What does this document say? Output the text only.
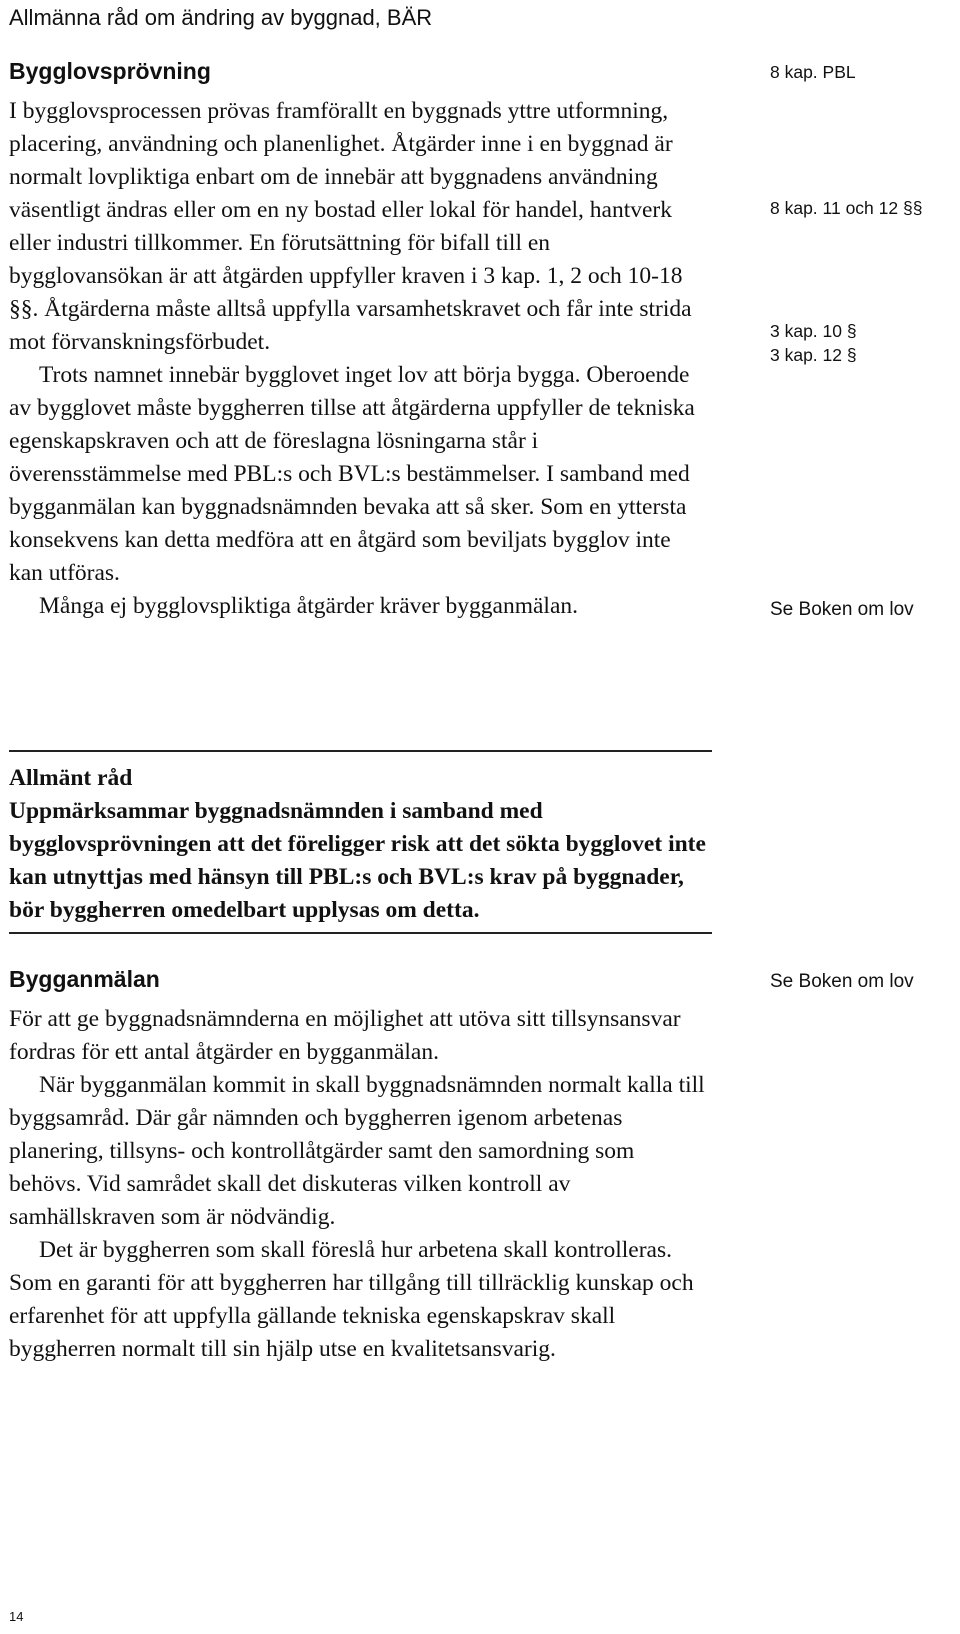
Allmänna råd om ändring av byggnad, BÄR
Bygglovsprövning

I bygglovsprocessen prövas framförallt en byggnads yttre utformning, placering, användning och planenlighet. Åtgärder inne i en byggnad är normalt lovpliktiga enbart om de innebär att byggnadens användning väsentligt ändras eller om en ny bostad eller lokal för handel, hantverk eller industri tillkommer. En förutsättning för bifall till en bygglovansökan är att åtgärden uppfyller kraven i 3 kap. 1, 2 och 10-18 §§. Åtgärderna måste alltså uppfylla varsamhetskravet och får inte strida mot förvanskningsförbudet.

Trots namnet innebär bygglovet inget lov att börja bygga. Oberoende av bygglovet måste byggherren tillse att åtgärderna uppfyller de tekniska egenskapskraven och att de föreslagna lösningarna står i överensstämmelse med PBL:s och BVL:s bestämmelser. I samband med bygganmälan kan byggnadsnämnden bevaka att så sker. Som en yttersta konsekvens kan detta medföra att en åtgärd som beviljats bygglov inte kan utföras.

Många ej bygglovspliktiga åtgärder kräver bygganmälan.

Allmänt råd

Uppmärksammar byggnadsnämnden i samband med bygglovsprövningen att det föreligger risk att det sökta bygglovet inte kan utnyttjas med hänsyn till PBL:s och BVL:s krav på byggnader, bör byggherren omedelbart upplysas om detta.

Bygganmälan

För att ge byggnadsnämnderna en möjlighet att utöva sitt tillsynsansvar fordras för ett antal åtgärder en bygganmälan.

När bygganmälan kommit in skall byggnadsnämnden normalt kalla till byggsamråd. Där går nämnden och byggherren igenom arbetenas planering, tillsyns- och kontrollåtgärder samt den samordning som behövs. Vid samrådet skall det diskuteras vilken kontroll av samhällskraven som är nödvändig.

Det är byggherren som skall föreslå hur arbetena skall kontrolleras. Som en garanti för att byggherren har tillgång till tillräcklig kunskap och erfarenhet för att uppfylla gällande tekniska egenskapskrav skall byggherren normalt till sin hjälp utse en kvalitetsansvarig.

8 kap. PBL
8 kap. 11 och 12 §§
3 kap. 10 §
3 kap. 12 §
Se Boken om lov
Se Boken om lov
14
